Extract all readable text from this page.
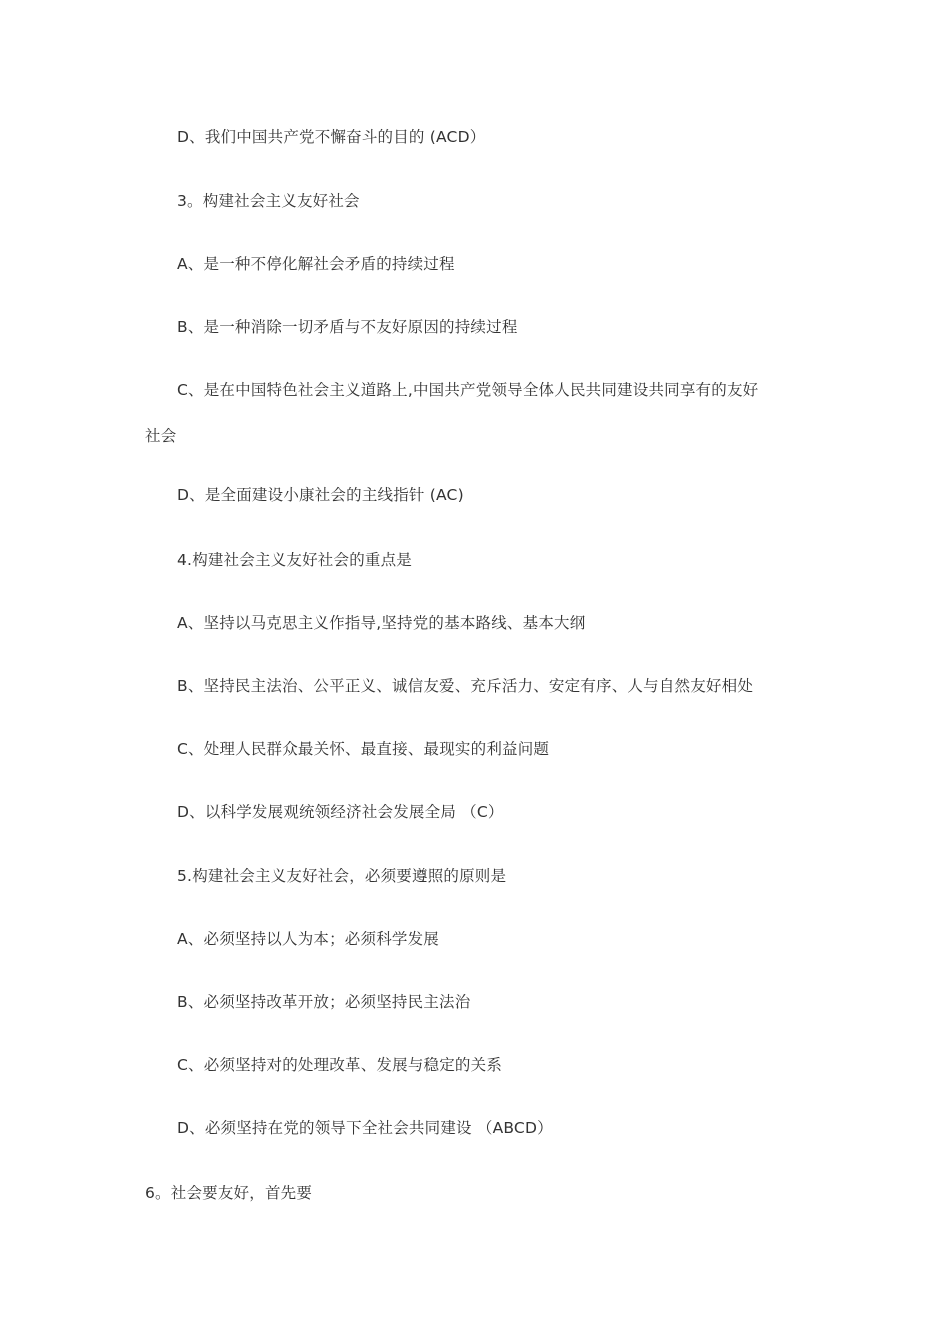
D、我们中国共产党不懈奋斗的目的 (ACD）
3。构建社会主义友好社会
A、是一种不停化解社会矛盾的持续过程
B、是一种消除一切矛盾与不友好原因的持续过程
C、是在中国特色社会主义道路上,中国共产党领导全体人民共同建设共同享有的友好
社会
D、是全面建设小康社会的主线指针 (AC)
4.构建社会主义友好社会的重点是
A、坚持以马克思主义作指导,坚持党的基本路线、基本大纲
B、坚持民主法治、公平正义、诚信友爱、充斥活力、安定有序、人与自然友好相处
C、处理人民群众最关怀、最直接、最现实的利益问题
D、以科学发展观统领经济社会发展全局 （C）
5.构建社会主义友好社会，必须要遵照的原则是
A、必须坚持以人为本；必须科学发展
B、必须坚持改革开放；必须坚持民主法治
C、必须坚持对的处理改革、发展与稳定的关系
D、必须坚持在党的领导下全社会共同建设 （ABCD）
6。社会要友好，首先要
